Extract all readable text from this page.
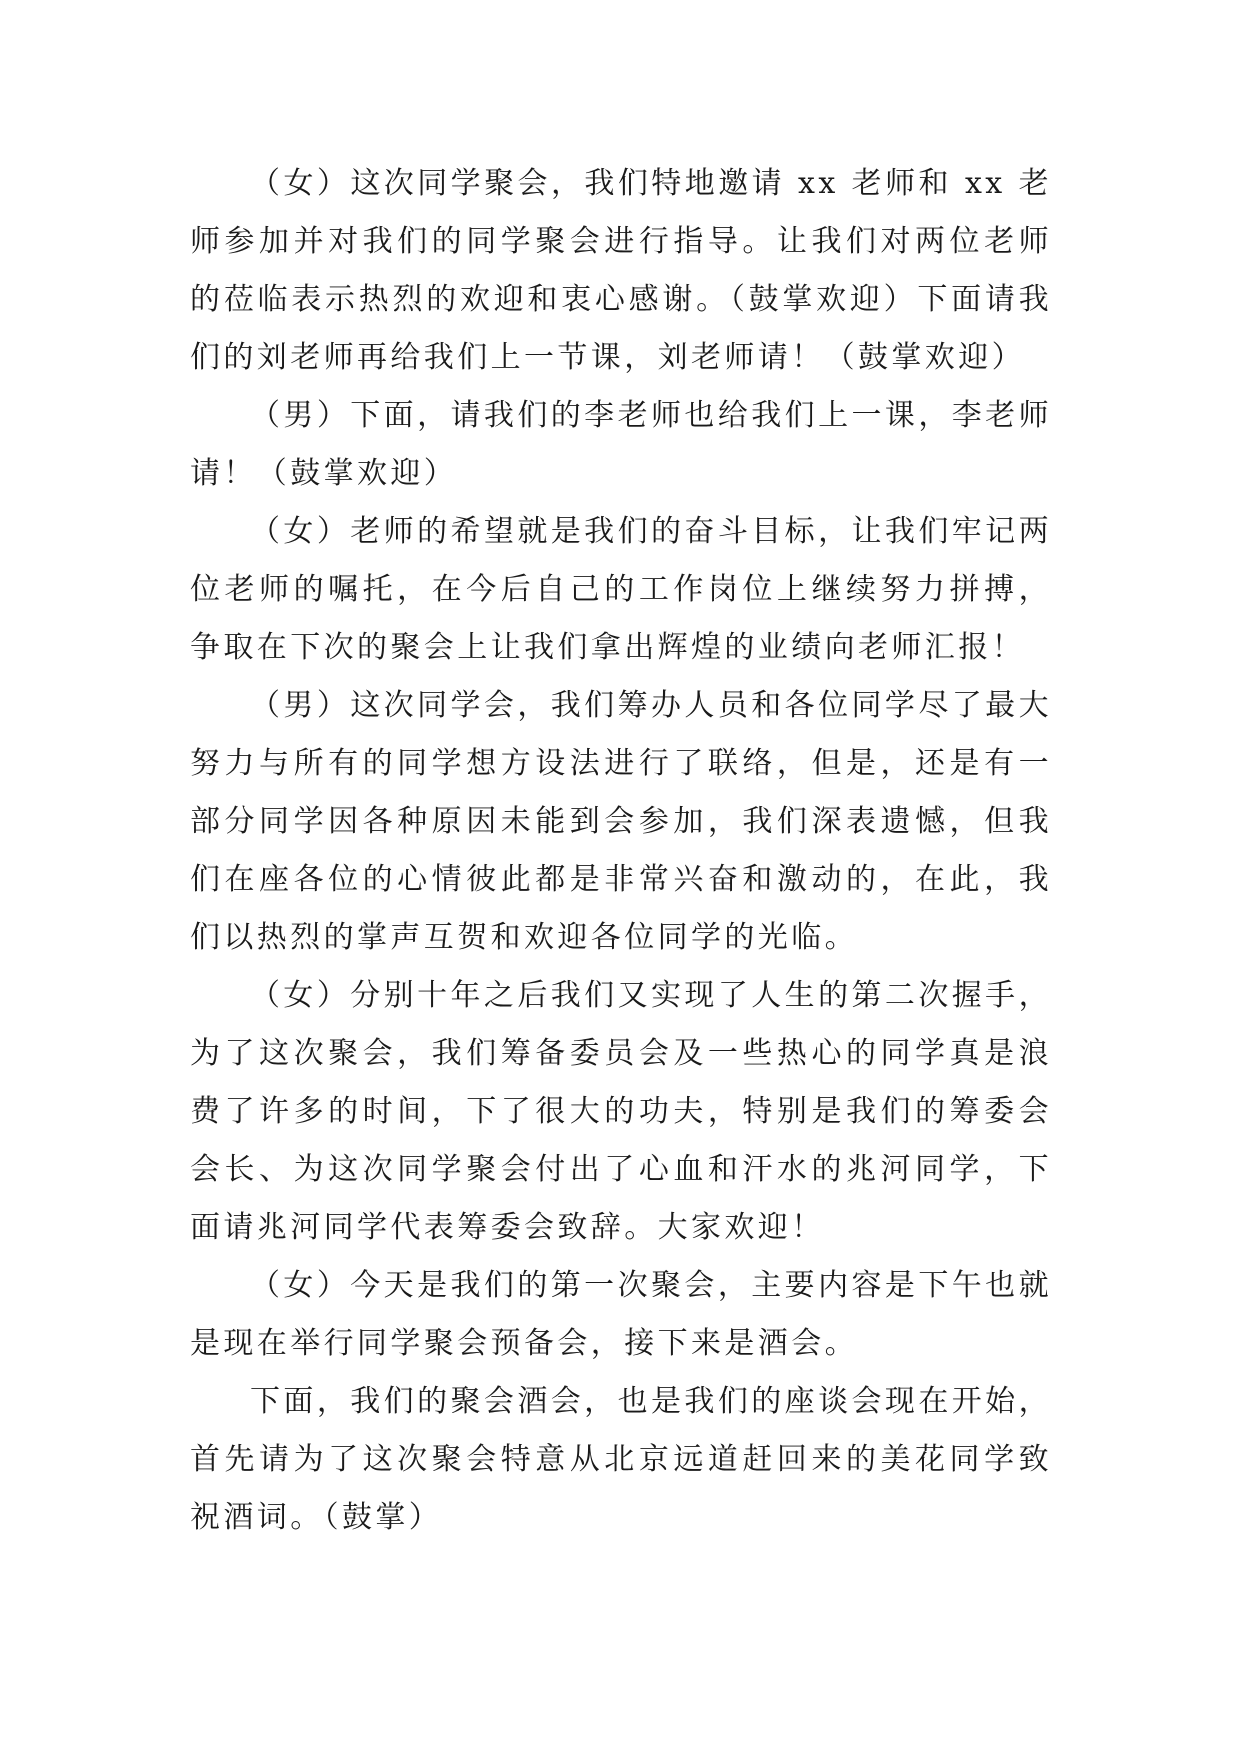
（女）这次同学聚会，我们特地邀请 xx 老师和 xx 老师参加并对我们的同学聚会进行指导。让我们对两位老师的莅临表示热烈的欢迎和衷心感谢。（鼓掌欢迎）下面请我们的刘老师再给我们上一节课，刘老师请！（鼓掌欢迎）

（男）下面，请我们的李老师也给我们上一课，李老师请！（鼓掌欢迎）

（女）老师的希望就是我们的奋斗目标，让我们牢记两位老师的嘱托，在今后自己的工作岗位上继续努力拼搏，争取在下次的聚会上让我们拿出辉煌的业绩向老师汇报！

（男）这次同学会，我们筹办人员和各位同学尽了最大努力与所有的同学想方设法进行了联络，但是，还是有一部分同学因各种原因未能到会参加，我们深表遗憾，但我们在座各位的心情彼此都是非常兴奋和激动的，在此，我们以热烈的掌声互贺和欢迎各位同学的光临。

（女）分别十年之后我们又实现了人生的第二次握手，为了这次聚会，我们筹备委员会及一些热心的同学真是浪费了许多的时间，下了很大的功夫，特别是我们的筹委会会长、为这次同学聚会付出了心血和汗水的兆河同学，下面请兆河同学代表筹委会致辞。大家欢迎！

（女）今天是我们的第一次聚会，主要内容是下午也就是现在举行同学聚会预备会，接下来是酒会。

下面，我们的聚会酒会，也是我们的座谈会现在开始，首先请为了这次聚会特意从北京远道赶回来的美花同学致祝酒词。（鼓掌）
